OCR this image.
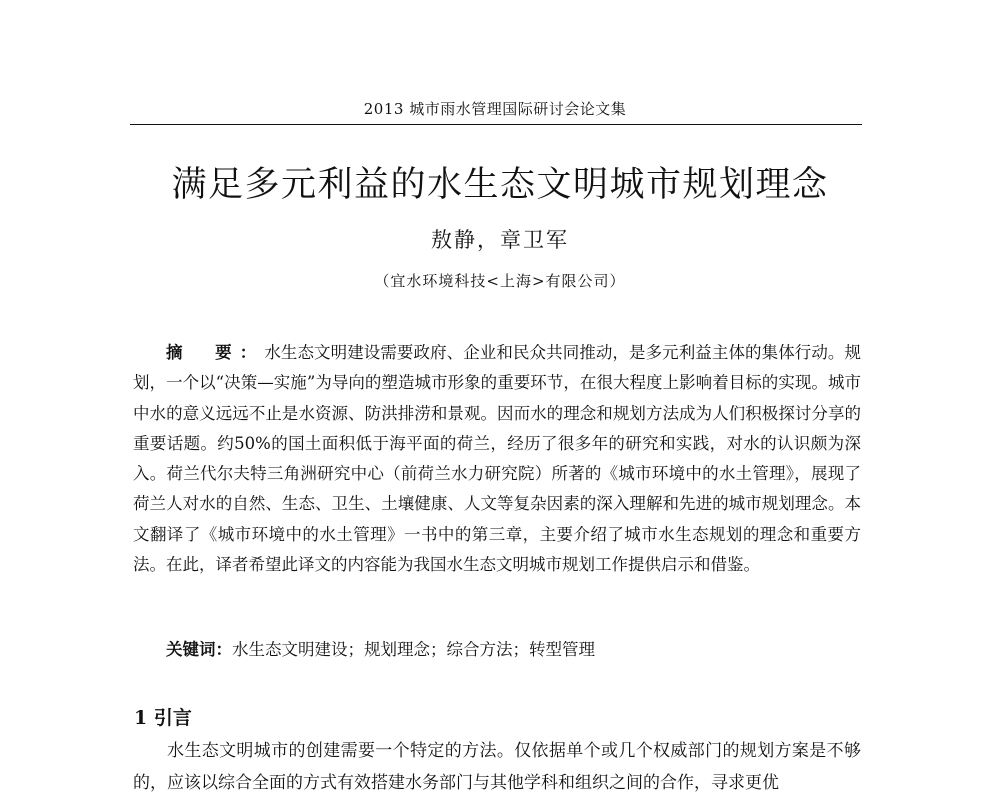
2013 城市雨水管理国际研讨会论文集
满足多元利益的水生态文明城市规划理念
敖静，章卫军
（宜水环境科技<上海>有限公司）

摘　要：水生态文明建设需要政府、企业和民众共同推动，是多元利益主体的集体行动。规划，一个以“决策—实施”为导向的塑造城市形象的重要环节，在很大程度上影响着目标的实现。城市中水的意义远远不止是水资源、防洪排涝和景观。因而水的理念和规划方法成为人们积极探讨分享的重要话题。约50%的国土面积低于海平面的荷兰，经历了很多年的研究和实践，对水的认识颇为深入。荷兰代尔夫特三角洲研究中心（前荷兰水力研究院）所著的《城市环境中的水土管理》，展现了荷兰人对水的自然、生态、卫生、土壤健康、人文等复杂因素的深入理解和先进的城市规划理念。本文翻译了《城市环境中的水土管理》一书中的第三章，主要介绍了城市水生态规划的理念和重要方法。在此，译者希望此译文的内容能为我国水生态文明城市规划工作提供启示和借鉴。

关键词：水生态文明建设；规划理念；综合方法；转型管理

1 引言

水生态文明城市的创建需要一个特定的方法。仅依据单个或几个权威部门的规划方案是不够的，应该以综合全面的方式有效搭建水务部门与其他学科和组织之间的合作，寻求更优
